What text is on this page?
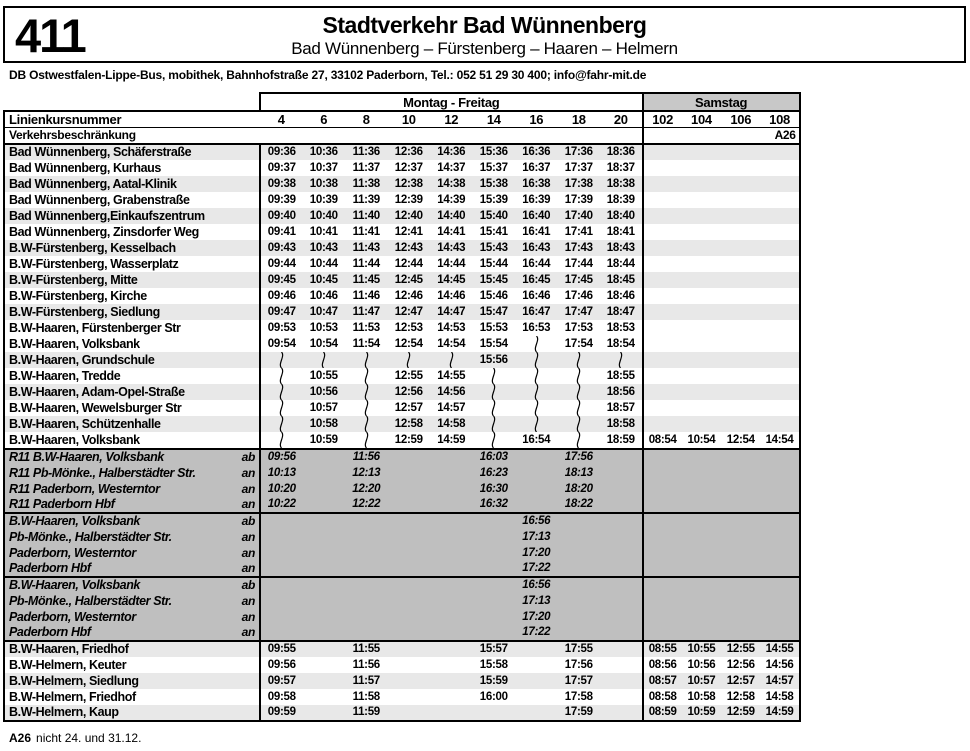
411	Stadtverkehr Bad Wünnenberg
Bad Wünnenberg – Fürstenberg – Haaren – Helmern
DB Ostwestfalen-Lippe-Bus, mobithek, Bahnhofstraße 27, 33102 Paderborn, Tel.: 052 51 29 30 400; info@fahr-mit.de
		Montag - Freitag									Samstag			
Linienkursnummer		4	6	8	10	12	14	16	18	20	102	104	106	108
Verkehrsbeschränkung														A26
Bad Wünnenberg, Schäferstraße		09:36	10:36	11:36	12:36	14:36	15:36	16:36	17:36	18:36				
Bad Wünnenberg, Kurhaus		09:37	10:37	11:37	12:37	14:37	15:37	16:37	17:37	18:37				
Bad Wünnenberg, Aatal-Klinik		09:38	10:38	11:38	12:38	14:38	15:38	16:38	17:38	18:38				
Bad Wünnenberg, Grabenstraße		09:39	10:39	11:39	12:39	14:39	15:39	16:39	17:39	18:39				
Bad Wünnenberg,Einkaufszentrum		09:40	10:40	11:40	12:40	14:40	15:40	16:40	17:40	18:40				
Bad Wünnenberg, Zinsdorfer Weg		09:41	10:41	11:41	12:41	14:41	15:41	16:41	17:41	18:41				
B.W-Fürstenberg, Kesselbach		09:43	10:43	11:43	12:43	14:43	15:43	16:43	17:43	18:43				
B.W-Fürstenberg, Wasserplatz		09:44	10:44	11:44	12:44	14:44	15:44	16:44	17:44	18:44				
B.W-Fürstenberg, Mitte		09:45	10:45	11:45	12:45	14:45	15:45	16:45	17:45	18:45				
B.W-Fürstenberg, Kirche		09:46	10:46	11:46	12:46	14:46	15:46	16:46	17:46	18:46				
B.W-Fürstenberg, Siedlung		09:47	10:47	11:47	12:47	14:47	15:47	16:47	17:47	18:47				
B.W-Haaren, Fürstenberger Str		09:53	10:53	11:53	12:53	14:53	15:53	16:53	17:53	18:53				
B.W-Haaren, Volksbank		09:54	10:54	11:54	12:54	14:54	15:54		17:54	18:54				
B.W-Haaren, Grundschule							15:56	

B.W-Haaren, Tredde			10:55		12:55	14:55				18:55				
B.W-Haaren, Adam-Opel-Straße			10:56		12:56	14:56				18:56				
B.W-Haaren, Wewelsburger Str			10:57		12:57	14:57				18:57				
B.W-Haaren, Schützenhalle			10:58		12:58	14:58				18:58				
B.W-Haaren, Volksbank			10:59		12:59	14:59		16:54		18:59	08:54	10:54	12:54	14:54
R11 B.W-Haaren, Volksbank	ab	09:56		11:56			16:03		17:56					
R11 Pb-Mönke., Halberstädter Str.	an	10:13		12:13			16:23		18:13					
R11 Paderborn, Westerntor	an	10:20		12:20			16:30		18:20					
R11 Paderborn Hbf	an	10:22		12:22			16:32		18:22					
B.W-Haaren, Volksbank	ab							16:56						
Pb-Mönke., Halberstädter Str.	an							17:13						
Paderborn, Westerntor	an							17:20						
Paderborn Hbf	an							17:22						
B.W-Haaren, Volksbank	ab							16:56						
Pb-Mönke., Halberstädter Str.	an							17:13						
Paderborn, Westerntor	an							17:20						
Paderborn Hbf	an							17:22						
B.W-Haaren, Friedhof		09:55		11:55			15:57		17:55		08:55	10:55	12:55	14:55
B.W-Helmern, Keuter		09:56		11:56			15:58		17:56		08:56	10:56	12:56	14:56
B.W-Helmern, Siedlung		09:57		11:57			15:59		17:57		08:57	10:57	12:57	14:57
B.W-Helmern, Friedhof		09:58		11:58			16:00		17:58		08:58	10:58	12:58	14:58
B.W-Helmern, Kaup		09:59		11:59					17:59		08:59	10:59	12:59	14:59
A26 nicht 24. und 31.12.
